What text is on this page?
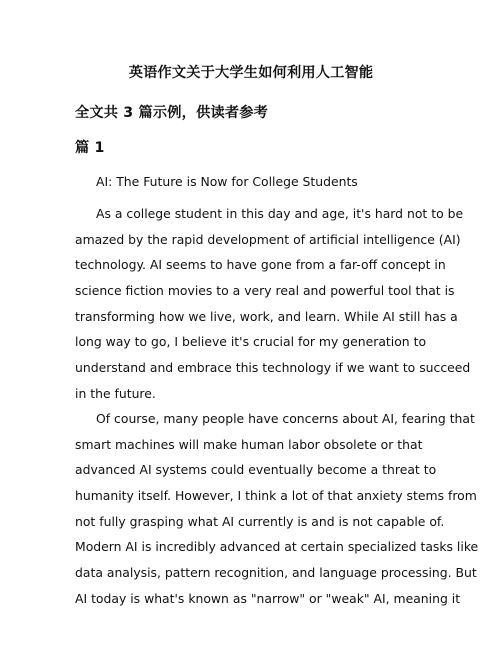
英语作文关于大学生如何利用人工智能
全文共 3 篇示例，供读者参考
篇 1
AI: The Future is Now for College Students
As a college student in this day and age, it's hard not to be
amazed by the rapid development of artificial intelligence (AI)
technology. AI seems to have gone from a far-off concept in
science fiction movies to a very real and powerful tool that is
transforming how we live, work, and learn. While AI still has a
long way to go, I believe it's crucial for my generation to
understand and embrace this technology if we want to succeed
in the future.
Of course, many people have concerns about AI, fearing that
smart machines will make human labor obsolete or that
advanced AI systems could eventually become a threat to
humanity itself. However, I think a lot of that anxiety stems from
not fully grasping what AI currently is and is not capable of.
Modern AI is incredibly advanced at certain specialized tasks like
data analysis, pattern recognition, and language processing. But
AI today is what's known as "narrow" or "weak" AI, meaning it
